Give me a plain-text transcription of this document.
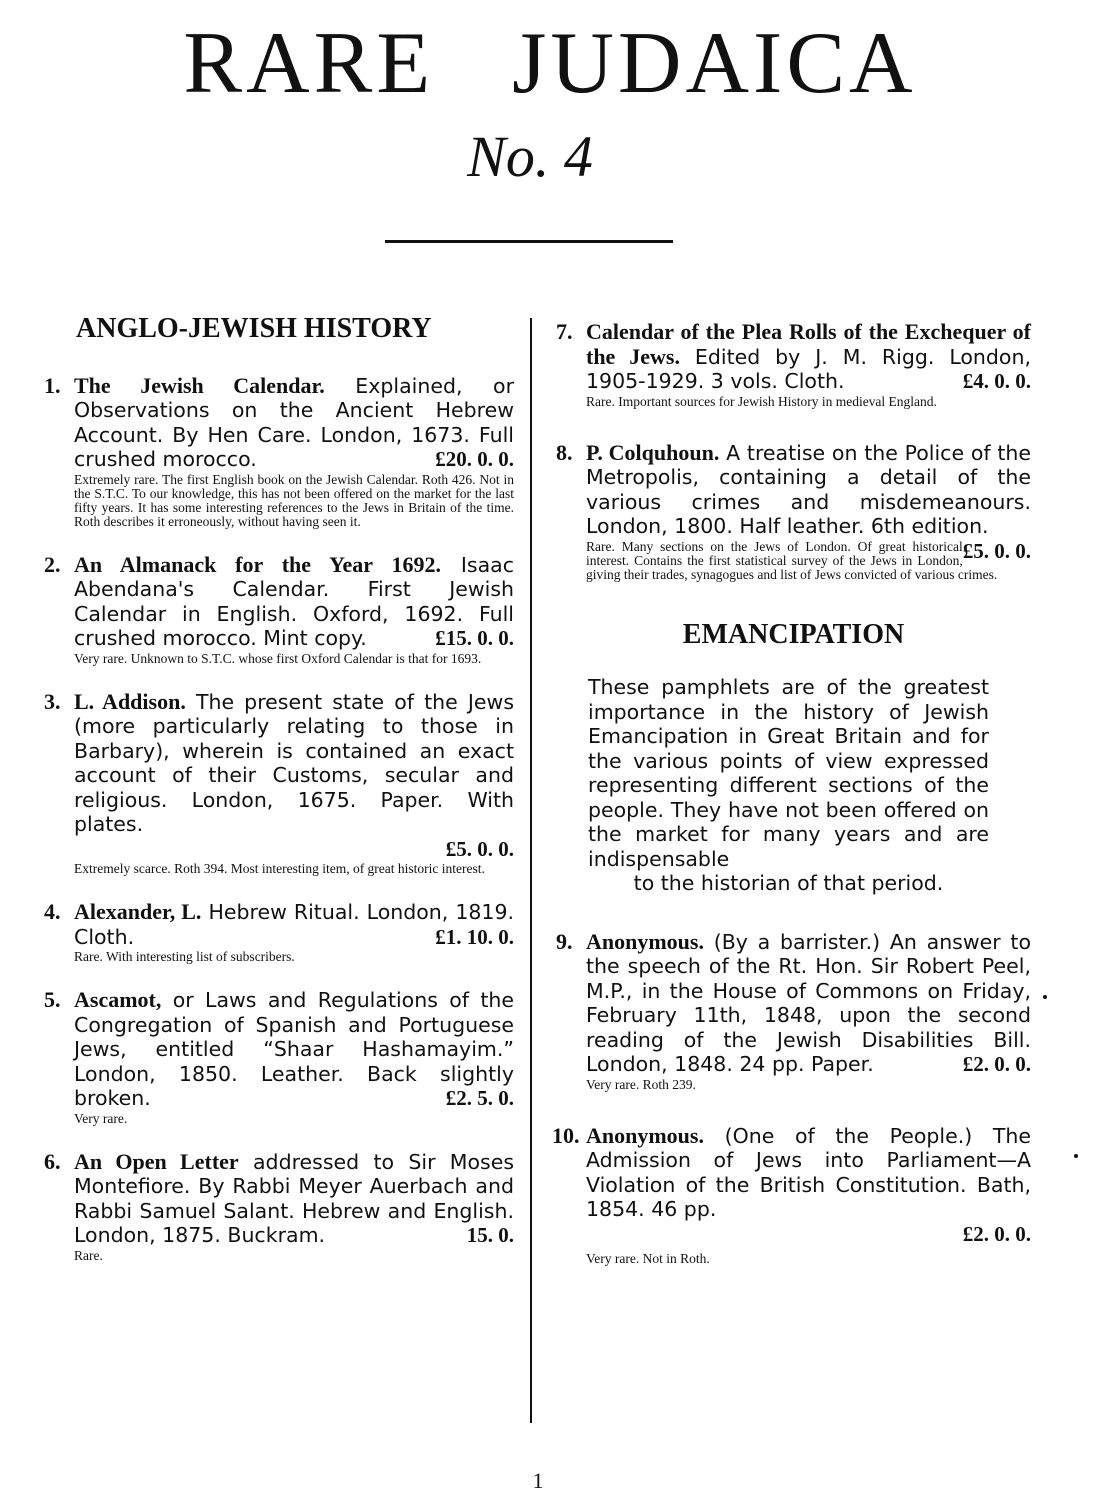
RARE   JUDAICA
No. 4
ANGLO-JEWISH HISTORY
1. The Jewish Calendar. Explained, or Observations on the Ancient Hebrew Account. By Hen Care. London, 1673. Full crushed morocco.	£20. 0. 0.
Extremely rare. The first English book on the Jewish Calendar. Roth 426. Not in the S.T.C. To our knowledge, this has not been offered on the market for the last fifty years. It has some interesting references to the Jews in Britain of the time. Roth describes it erroneously, without having seen it.
2. An Almanack for the Year 1692. Isaac Abendana's Calendar. First Jewish Calendar in English. Oxford, 1692. Full crushed morocco. Mint copy.	£15. 0. 0.
Very rare. Unknown to S.T.C. whose first Oxford Calendar is that for 1693.
3. L. Addison. The present state of the Jews (more particularly relating to those in Barbary), wherein is contained an exact account of their Customs, secular and religious. London, 1675. Paper. With plates.
£5. 0. 0.
Extremely scarce. Roth 394. Most interesting item, of great historic interest.
4. Alexander, L. Hebrew Ritual. London, 1819. Cloth.	£1. 10. 0.
Rare. With interesting list of subscribers.
5. Ascamot, or Laws and Regulations of the Congregation of Spanish and Portuguese Jews, entitled “Shaar Hashamayim.” London, 1850. Leather. Back slightly broken.	£2. 5. 0.
Very rare.
6. An Open Letter addressed to Sir Moses Montefiore. By Rabbi Meyer Auerbach and Rabbi Samuel Salant. Hebrew and English. London, 1875. Buckram.	15. 0.
Rare.
7. Calendar of the Plea Rolls of the Exchequer of the Jews. Edited by J. M. Rigg. London, 1905-1929. 3 vols. Cloth.	£4. 0. 0.
Rare. Important sources for Jewish History in medieval England.
8. P. Colquhoun. A treatise on the Police of the Metropolis, containing a detail of the various crimes and misdemeanours. London, 1800. Half leather. 6th edition.
£5. 0. 0.
Rare. Many sections on the Jews of London. Of great historical interest. Contains the first statistical survey of the Jews in London, giving their trades, synagogues and list of Jews convicted of various crimes.
EMANCIPATION
These pamphlets are of the greatest importance in the history of Jewish Emancipation in Great Britain and for the various points of view expressed representing different sections of the people. They have not been offered on the market for many years and are indispensable
to the historian of that period.
9. Anonymous. (By a barrister.) An answer to the speech of the Rt. Hon. Sir Robert Peel, M.P., in the House of Commons on Friday, February 11th, 1848, upon the second reading of the Jewish Disabilities Bill. London, 1848. 24 pp. Paper.	£2. 0. 0.
Very rare. Roth 239.
10. Anonymous. (One of the People.) The Admission of Jews into Parliament—A Violation of the British Constitution. Bath, 1854. 46 pp.
£2. 0. 0.
Very rare. Not in Roth.
1
